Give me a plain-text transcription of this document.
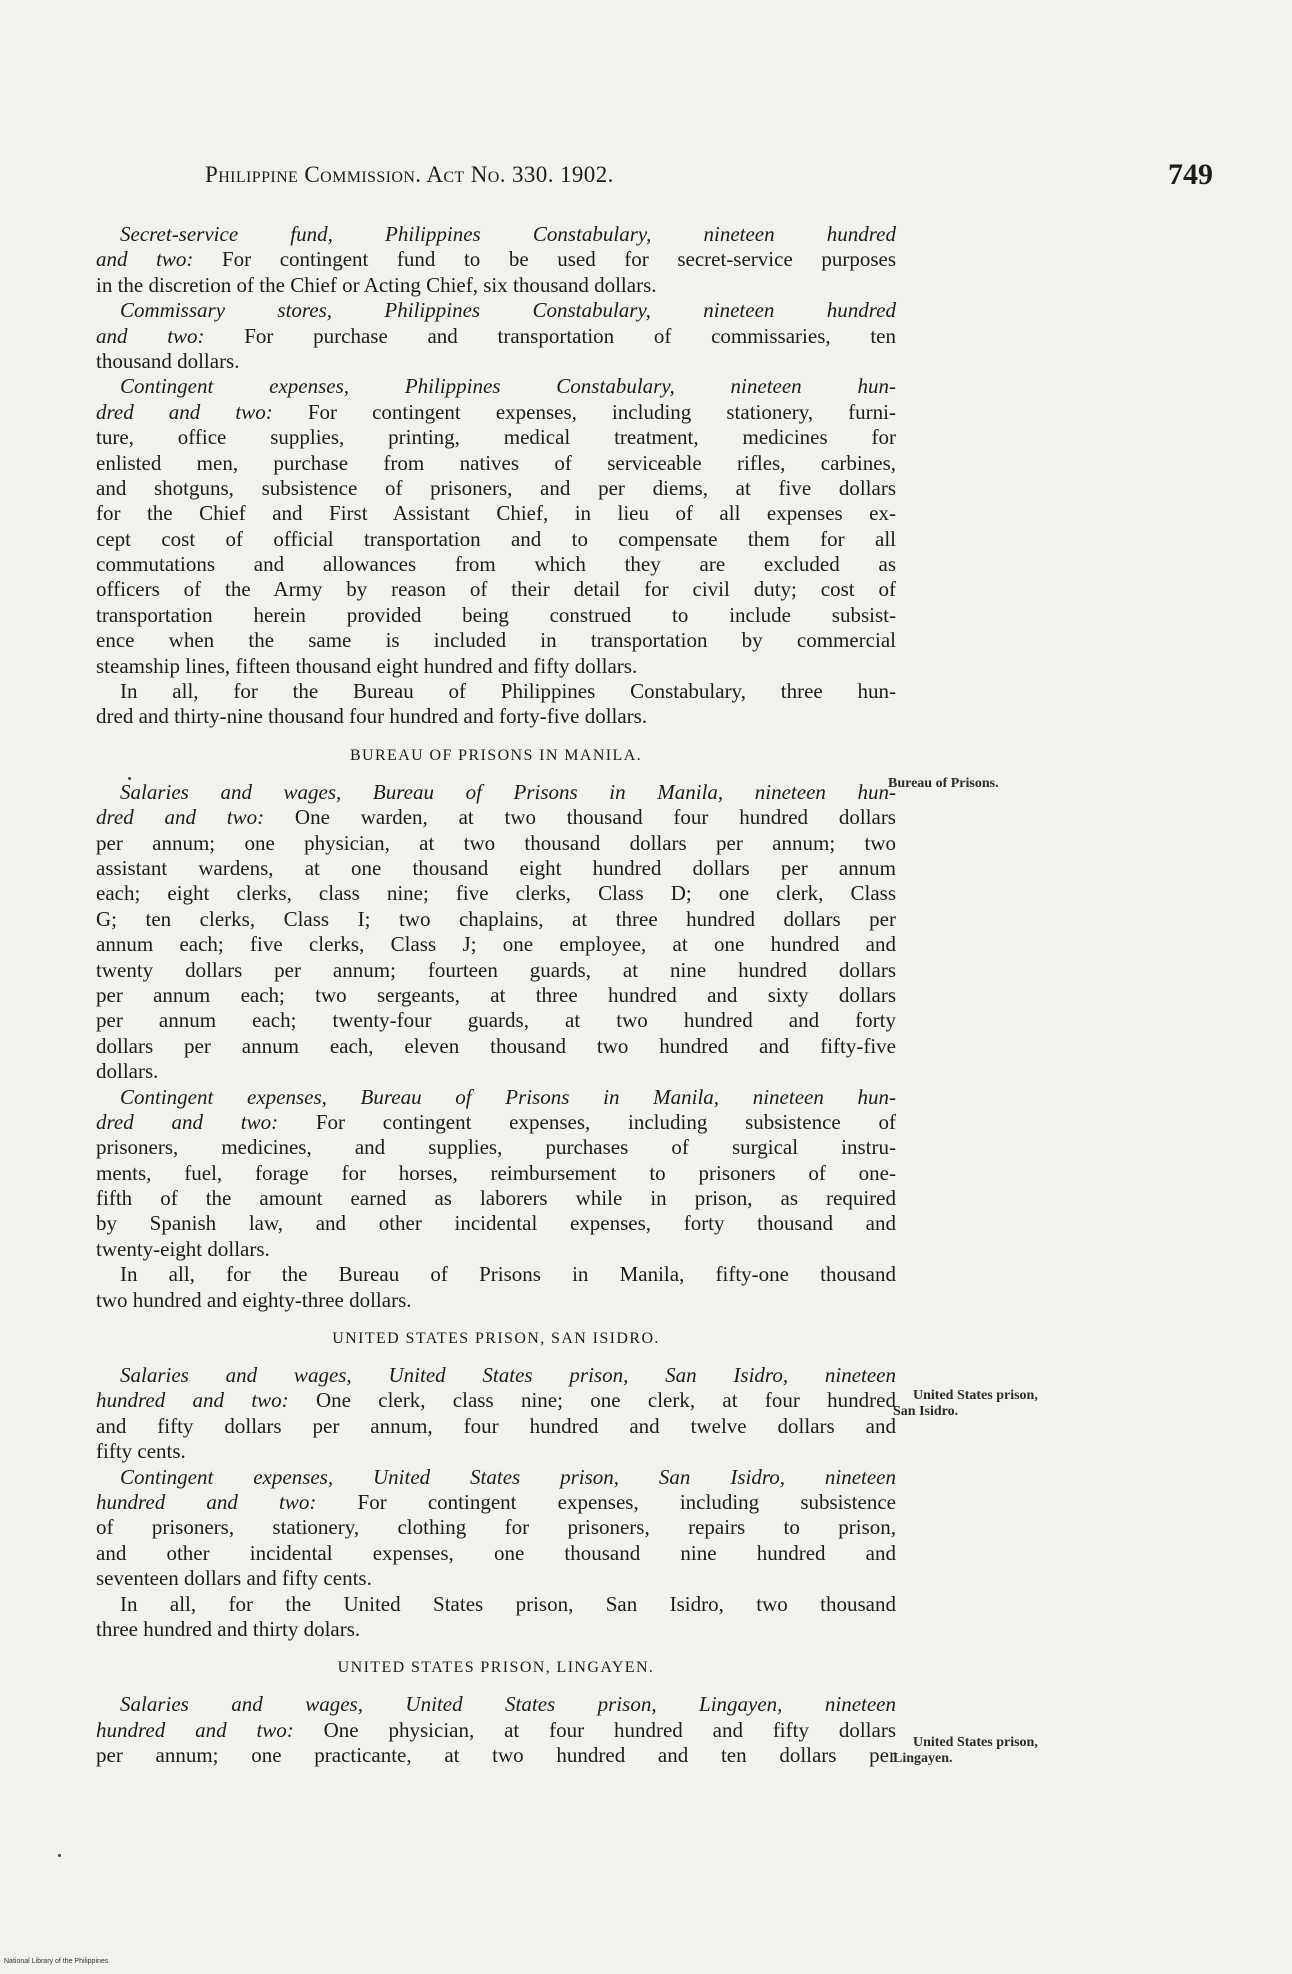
Philippine Commission. Act No. 330. 1902.	749
Secret-service fund, Philippines Constabulary, nineteen hundred
and two: For contingent fund to be used for secret-service purposes
in the discretion of the Chief or Acting Chief, six thousand dollars.
Commissary stores, Philippines Constabulary, nineteen hundred
and two: For purchase and transportation of commissaries, ten
thousand dollars.
Contingent expenses, Philippines Constabulary, nineteen hun-
dred and two: For contingent expenses, including stationery, furni-
ture, office supplies, printing, medical treatment, medicines for
enlisted men, purchase from natives of serviceable rifles, carbines,
and shotguns, subsistence of prisoners, and per diems, at five dollars
for the Chief and First Assistant Chief, in lieu of all expenses ex-
cept cost of official transportation and to compensate them for all
commutations and allowances from which they are excluded as
officers of the Army by reason of their detail for civil duty; cost of
transportation herein provided being construed to include subsist-
ence when the same is included in transportation by commercial
steamship lines, fifteen thousand eight hundred and fifty dollars.
In all, for the Bureau of Philippines Constabulary, three hun-
dred and thirty-nine thousand four hundred and forty-five dollars.
BUREAU OF PRISONS IN MANILA.
Salaries and wages, Bureau of Prisons in Manila, nineteen hun-
dred and two: One warden, at two thousand four hundred dollars
per annum; one physician, at two thousand dollars per annum; two
assistant wardens, at one thousand eight hundred dollars per annum
each; eight clerks, class nine; five clerks, Class D; one clerk, Class
G; ten clerks, Class I; two chaplains, at three hundred dollars per
annum each; five clerks, Class J; one employee, at one hundred and
twenty dollars per annum; fourteen guards, at nine hundred dollars
per annum each; two sergeants, at three hundred and sixty dollars
per annum each; twenty-four guards, at two hundred and forty
dollars per annum each, eleven thousand two hundred and fifty-five
dollars.
Contingent expenses, Bureau of Prisons in Manila, nineteen hun-
dred and two: For contingent expenses, including subsistence of
prisoners, medicines, and supplies, purchases of surgical instru-
ments, fuel, forage for horses, reimbursement to prisoners of one-
fifth of the amount earned as laborers while in prison, as required
by Spanish law, and other incidental expenses, forty thousand and
twenty-eight dollars.
In all, for the Bureau of Prisons in Manila, fifty-one thousand
two hundred and eighty-three dollars.
UNITED STATES PRISON, SAN ISIDRO.
Salaries and wages, United States prison, San Isidro, nineteen
hundred and two: One clerk, class nine; one clerk, at four hundred
and fifty dollars per annum, four hundred and twelve dollars and
fifty cents.
Contingent expenses, United States prison, San Isidro, nineteen
hundred and two: For contingent expenses, including subsistence
of prisoners, stationery, clothing for prisoners, repairs to prison,
and other incidental expenses, one thousand nine hundred and
seventeen dollars and fifty cents.
In all, for the United States prison, San Isidro, two thousand
three hundred and thirty dolars.
UNITED STATES PRISON, LINGAYEN.
Salaries and wages, United States prison, Lingayen, nineteen
hundred and two: One physician, at four hundred and fifty dollars
per annum; one practicante, at two hundred and ten dollars per
Bureau of Prisons.
United States prison,
San Isidro.
United States prison,
Lingayen.
National Library of the Philippines
